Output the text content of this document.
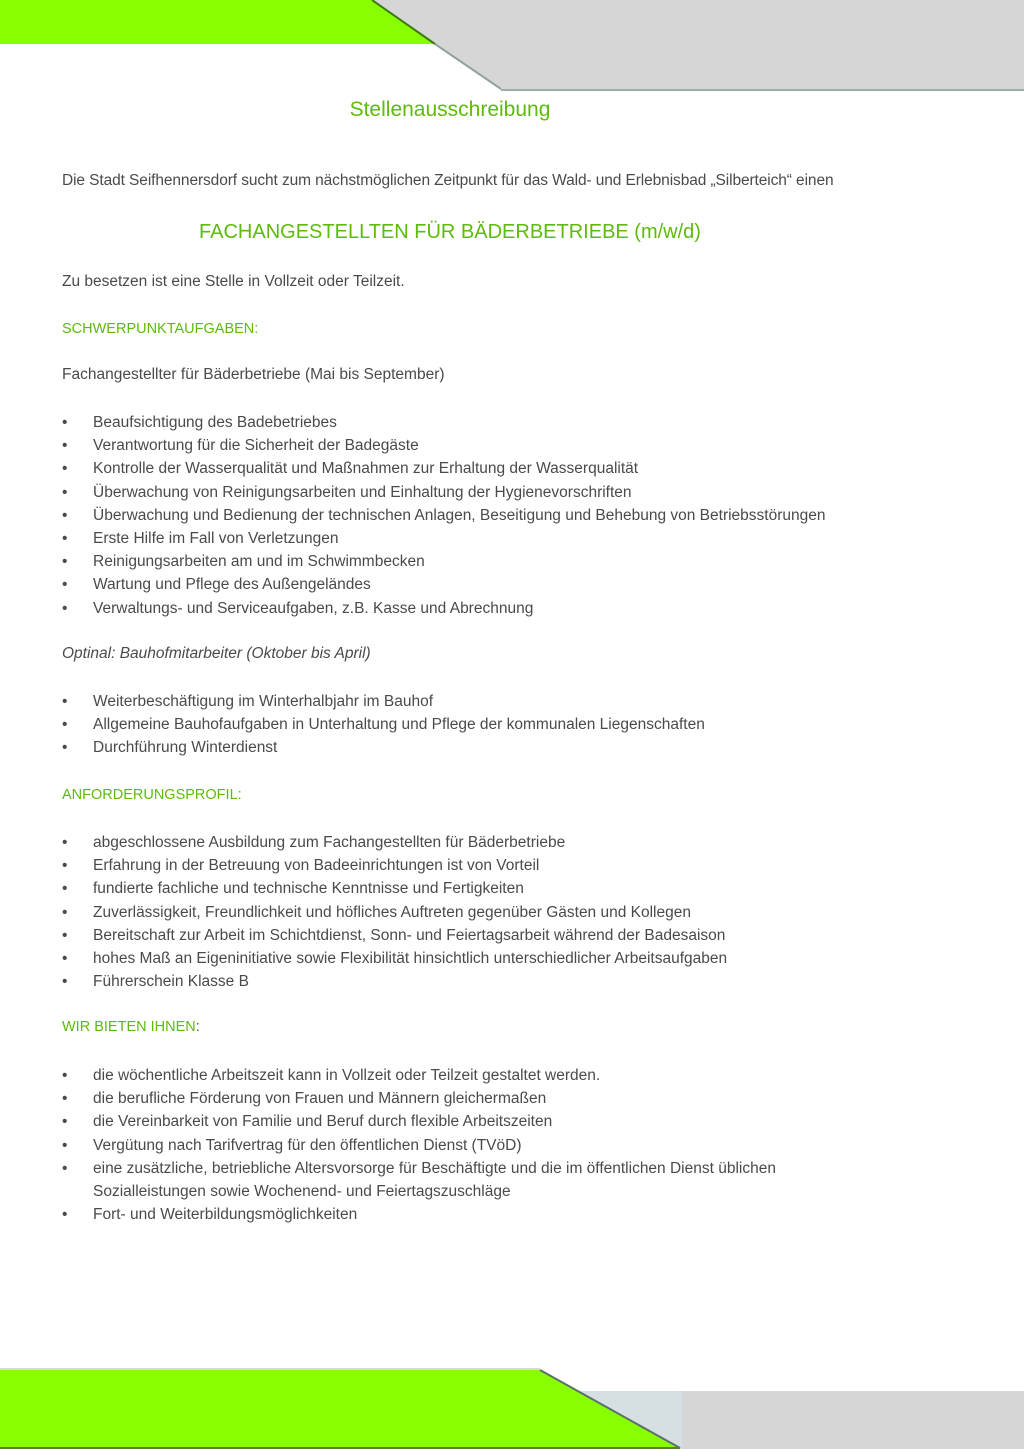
Stellenausschreibung
Die Stadt Seifhennersdorf sucht zum nächstmöglichen Zeitpunkt für das Wald- und Erlebnisbad „Silberteich“ einen
FACHANGESTELLTEN FÜR BÄDERBETRIEBE (m/w/d)
Zu besetzen ist eine Stelle in Vollzeit oder Teilzeit.
SCHWERPUNKTAUFGABEN:
Fachangestellter für Bäderbetriebe (Mai bis September)
• Beaufsichtigung des Badebetriebes
• Verantwortung für die Sicherheit der Badegäste
• Kontrolle der Wasserqualität und Maßnahmen zur Erhaltung der Wasserqualität
• Überwachung von Reinigungsarbeiten und Einhaltung der Hygienevorschriften
• Überwachung und Bedienung der technischen Anlagen, Beseitigung und Behebung von Betriebsstörungen
• Erste Hilfe im Fall von Verletzungen
• Reinigungsarbeiten am und im Schwimmbecken
• Wartung und Pflege des Außengeländes
• Verwaltungs- und Serviceaufgaben, z.B. Kasse und Abrechnung
Optinal: Bauhofmitarbeiter (Oktober bis April)
• Weiterbeschäftigung im Winterhalbjahr im Bauhof
• Allgemeine Bauhofaufgaben in Unterhaltung und Pflege der kommunalen Liegenschaften
• Durchführung Winterdienst
ANFORDERUNGSPROFIL:
• abgeschlossene Ausbildung zum Fachangestellten für Bäderbetriebe
• Erfahrung in der Betreuung von Badeeinrichtungen ist von Vorteil
• fundierte fachliche und technische Kenntnisse und Fertigkeiten
• Zuverlässigkeit, Freundlichkeit und höfliches Auftreten gegenüber Gästen und Kollegen
• Bereitschaft zur Arbeit im Schichtdienst, Sonn- und Feiertagsarbeit während der Badesaison
• hohes Maß an Eigeninitiative sowie Flexibilität hinsichtlich unterschiedlicher Arbeitsaufgaben
• Führerschein Klasse B
WIR BIETEN IHNEN:
• die wöchentliche Arbeitszeit kann in Vollzeit oder Teilzeit gestaltet werden.
• die berufliche Förderung von Frauen und Männern gleichermaßen
• die Vereinbarkeit von Familie und Beruf durch flexible Arbeitszeiten
• Vergütung nach Tarifvertrag für den öffentlichen Dienst (TVöD)
• eine zusätzliche, betriebliche Altersvorsorge für Beschäftigte und die im öffentlichen Dienst üblichen
Sozialleistungen sowie Wochenend- und Feiertagszuschläge
• Fort- und Weiterbildungsmöglichkeiten
